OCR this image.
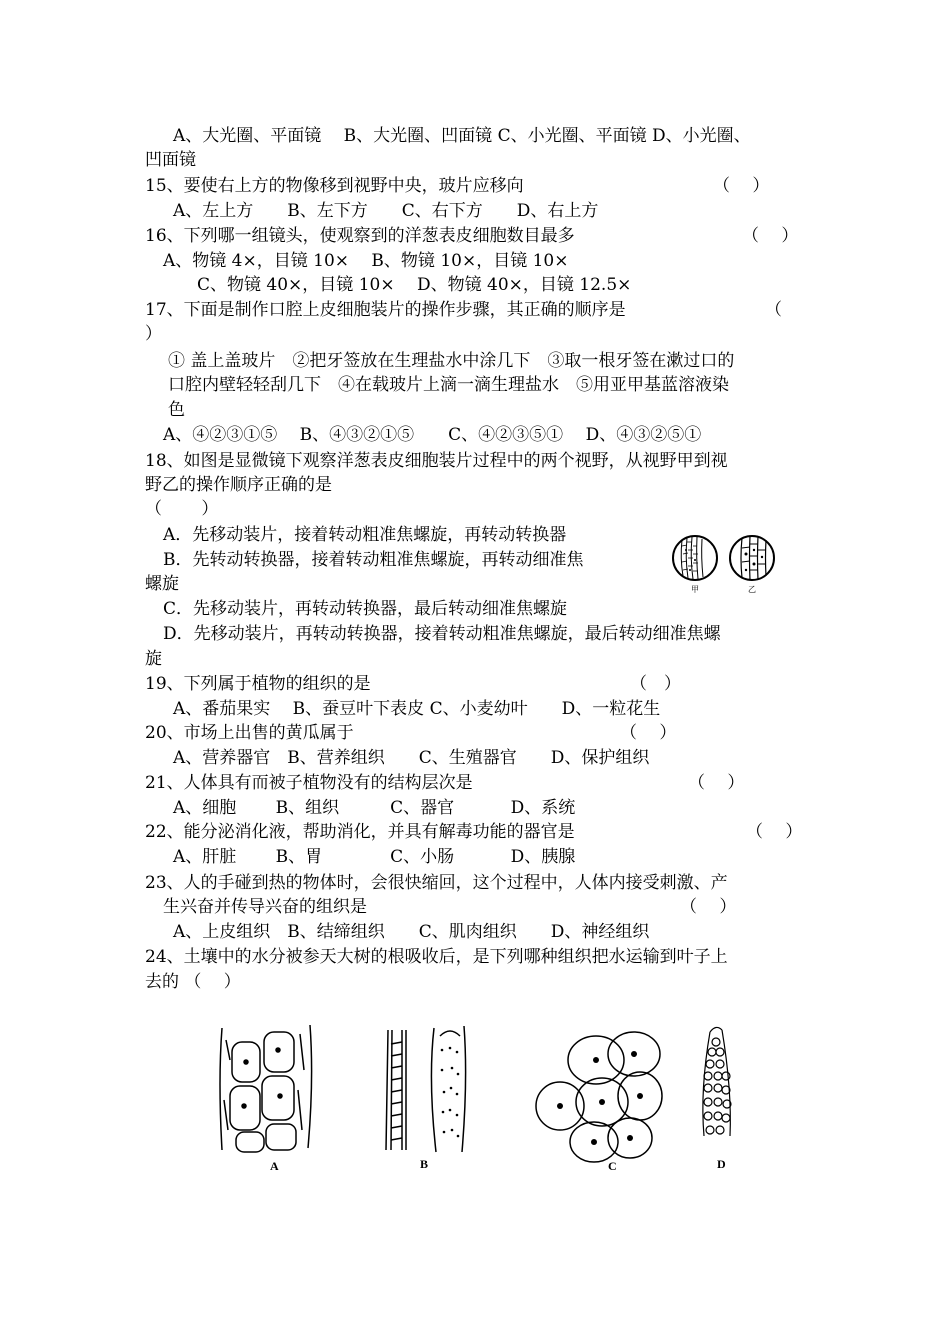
A、大光圈、平面镜　 B、大光圈、凹面镜 C、小光圈、平面镜 D、小光圈、
凹面镜
15、要使右上方的物像移到视野中央，玻片应移向	（　 ）
A、左上方　　B、左下方　　C、右下方　　D、右上方
16、下列哪一组镜头，使观察到的洋葱表皮细胞数目最多	（　 ）
A、物镜 4×，目镜 10×　 B、物镜 10×，目镜 10×
C、物镜 40×，目镜 10×　 D、物镜 40×，目镜 12.5×
17、下面是制作口腔上皮细胞装片的操作步骤，其正确的顺序是	（
）
① 盖上盖玻片　②把牙签放在生理盐水中涂几下　③取一根牙签在漱过口的
口腔内壁轻轻刮几下　④在载玻片上滴一滴生理盐水　⑤用亚甲基蓝溶液染
色
A、④②③①⑤　 B、④③②①⑤　　C、④②③⑤①　 D、④③②⑤①
18、如图是显微镜下观察洋葱表皮细胞装片过程中的两个视野，从视野甲到视
野乙的操作顺序正确的是
（　　 ）
A．先移动装片，接着转动粗准焦螺旋，再转动转换器
B．先转动转换器，接着转动粗准焦螺旋，再转动细准焦
螺旋
C．先移动装片，再转动转换器，最后转动细准焦螺旋
D．先移动装片，再转动转换器，接着转动粗准焦螺旋，最后转动细准焦螺
旋
19、下列属于植物的组织的是	（　）
A、番茄果实　 B、蚕豆叶下表皮 C、小麦幼叶　　D、一粒花生
20、市场上出售的黄瓜属于	（　 ）
A、营养器官　B、营养组织　　C、生殖器官　　D、保护组织
21、人体具有而被子植物没有的结构层次是	（　 ）
A、细胞　　 B、组织　　　C、器官　　　 D、系统
22、能分泌消化液，帮助消化，并具有解毒功能的器官是	（　 ）
A、肝脏　　 B、胃　　　　C、小肠　　　 D、胰腺
23、人的手碰到热的物体时，会很快缩回，这个过程中，人体内接受刺激、产
生兴奋并传导兴奋的组织是	（　 ）
A、上皮组织　B、结缔组织　　C、肌肉组织　　D、神经组织
24、土壤中的水分被参天大树的根吸收后，是下列哪种组织把水运输到叶子上
去的 （　 ）
甲	乙
A	B	C	D
